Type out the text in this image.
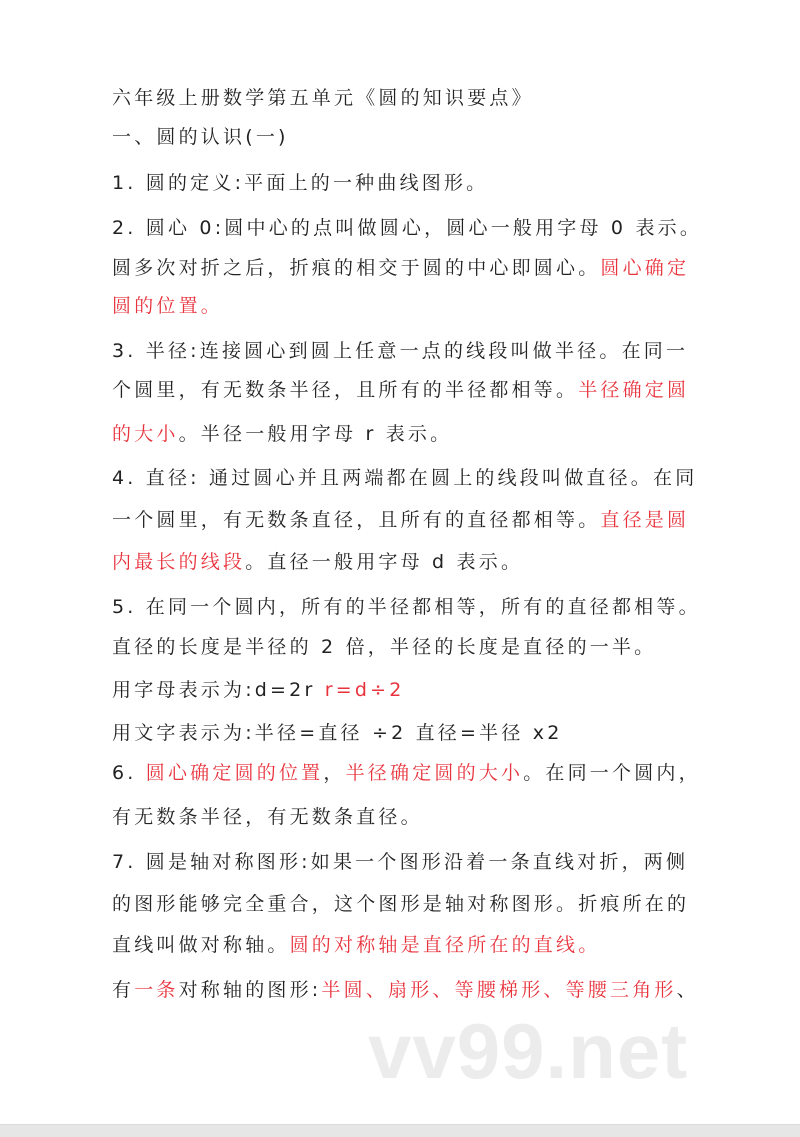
六年级上册数学第五单元《圆的知识要点》
一、圆的认识(一)
1. 圆的定义:平面上的一种曲线图形。
2. 圆心 0:圆中心的点叫做圆心，圆心一般用字母 0 表示。
圆多次对折之后，折痕的相交于圆的中心即圆心。圆心确定
圆的位置。
3. 半径:连接圆心到圆上任意一点的线段叫做半径。在同一
个圆里，有无数条半径，且所有的半径都相等。半径确定圆
的大小。半径一般用字母 r 表示。
4. 直径: 通过圆心并且两端都在圆上的线段叫做直径。在同
一个圆里，有无数条直径，且所有的直径都相等。直径是圆
内最长的线段。直径一般用字母 d 表示。
5. 在同一个圆内，所有的半径都相等，所有的直径都相等。
直径的长度是半径的 2 倍，半径的长度是直径的一半。
用字母表示为:d=2r r=d÷2
用文字表示为:半径=直径 ÷2 直径=半径 x2
6. 圆心确定圆的位置，半径确定圆的大小。在同一个圆内，
有无数条半径，有无数条直径。
7. 圆是轴对称图形:如果一个图形沿着一条直线对折，两侧
的图形能够完全重合，这个图形是轴对称图形。折痕所在的
直线叫做对称轴。圆的对称轴是直径所在的直线。
有一条对称轴的图形:半圆、扇形、等腰梯形、等腰三角形、
vv99.net
